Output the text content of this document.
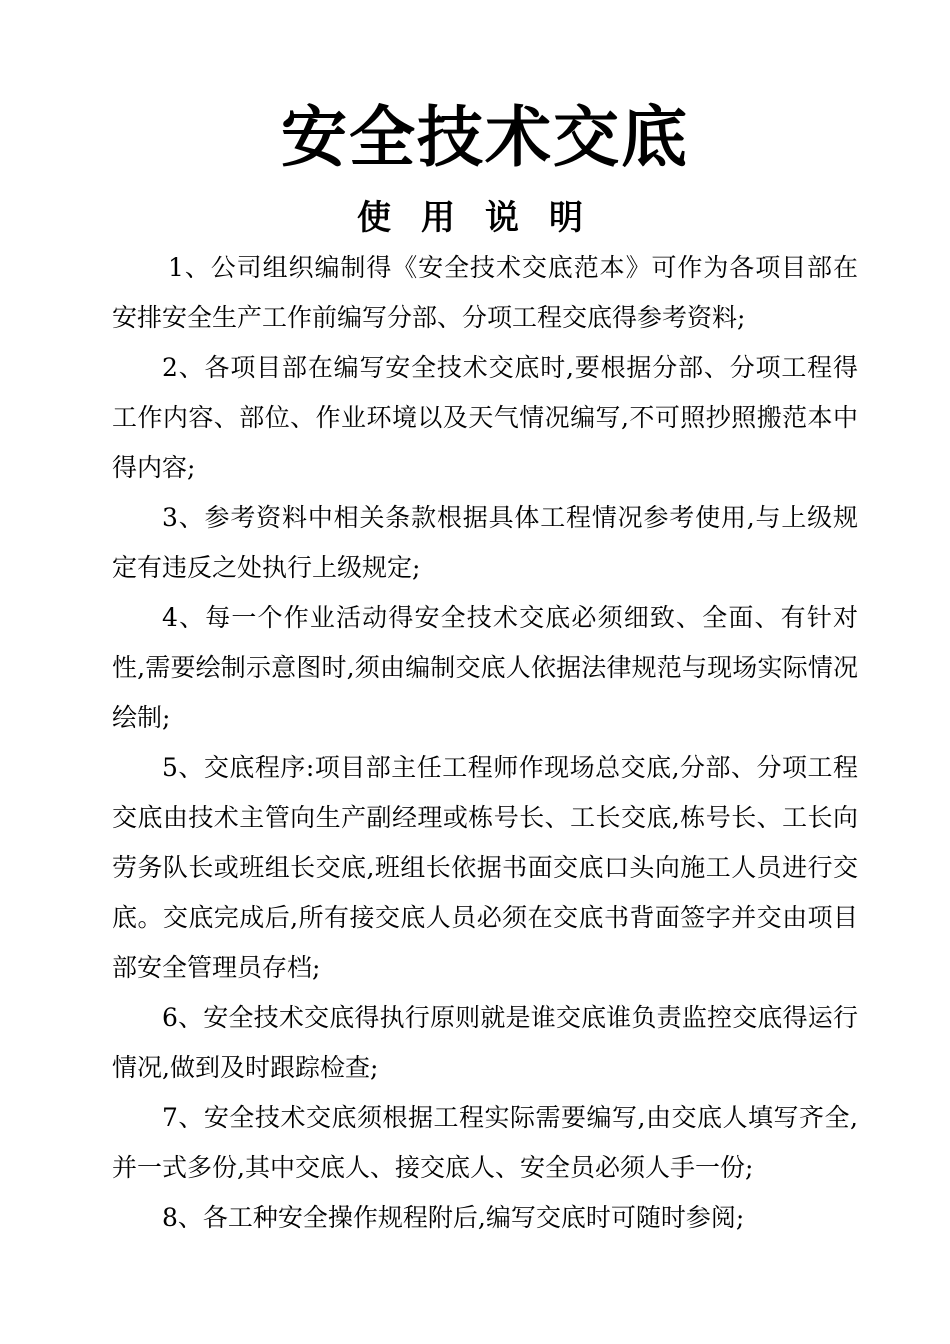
安全技术交底
使用说明

1、公司组织编制得《安全技术交底范本》可作为各项目部在安排安全生产工作前编写分部、分项工程交底得参考资料;

2、各项目部在编写安全技术交底时,要根据分部、分项工程得工作内容、部位、作业环境以及天气情况编写,不可照抄照搬范本中得内容;

3、参考资料中相关条款根据具体工程情况参考使用,与上级规定有违反之处执行上级规定;

4、每一个作业活动得安全技术交底必须细致、全面、有针对性,需要绘制示意图时,须由编制交底人依据法律规范与现场实际情况绘制;

5、交底程序:项目部主任工程师作现场总交底,分部、分项工程交底由技术主管向生产副经理或栋号长、工长交底,栋号长、工长向劳务队长或班组长交底,班组长依据书面交底口头向施工人员进行交底。交底完成后,所有接交底人员必须在交底书背面签字并交由项目部安全管理员存档;

6、安全技术交底得执行原则就是谁交底谁负责监控交底得运行情况,做到及时跟踪检查;

7、安全技术交底须根据工程实际需要编写,由交底人填写齐全,并一式多份,其中交底人、接交底人、安全员必须人手一份;

8、各工种安全操作规程附后,编写交底时可随时参阅;
